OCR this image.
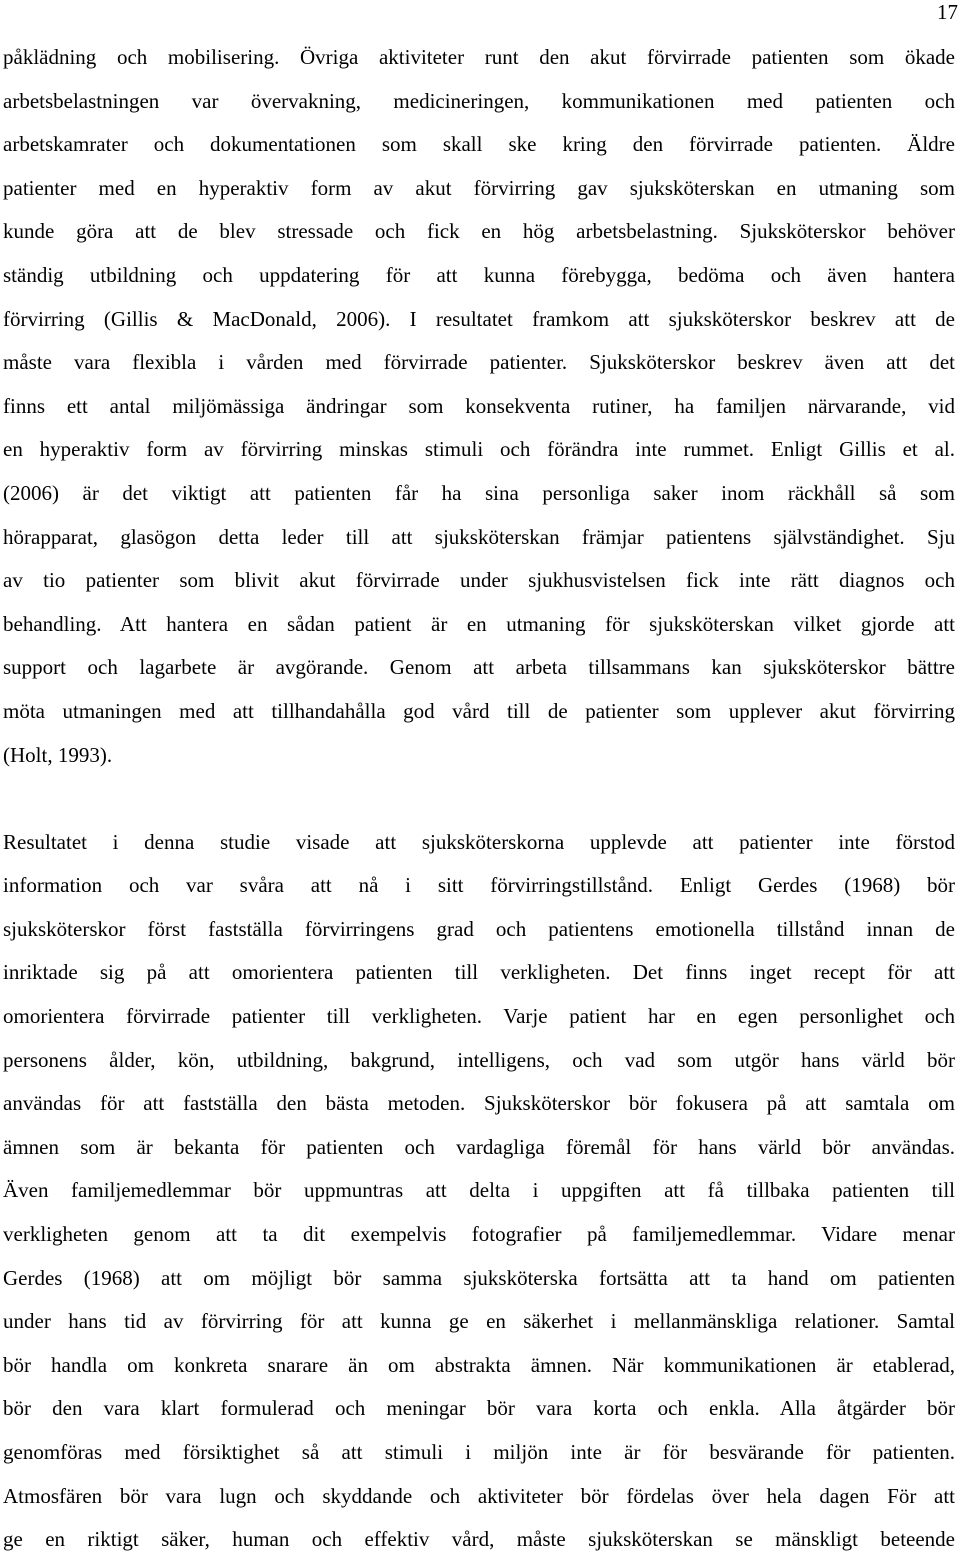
17

påklädning och mobilisering. Övriga aktiviteter runt den akut förvirrade patienten som ökade
arbetsbelastningen var övervakning, medicineringen, kommunikationen med patienten och
arbetskamrater och dokumentationen som skall ske kring den förvirrade patienten. Äldre
patienter med en hyperaktiv form av akut förvirring gav sjuksköterskan en utmaning som
kunde göra att de blev stressade och fick en hög arbetsbelastning. Sjuksköterskor behöver
ständig utbildning och uppdatering för att kunna förebygga, bedöma och även hantera
förvirring (Gillis & MacDonald, 2006). I resultatet framkom att sjuksköterskor beskrev att de
måste vara flexibla i vården med förvirrade patienter. Sjuksköterskor beskrev även att det
finns ett antal miljömässiga ändringar som konsekventa rutiner, ha familjen närvarande, vid
en hyperaktiv form av förvirring minskas stimuli och förändra inte rummet. Enligt Gillis et al.
(2006) är det viktigt att patienten får ha sina personliga saker inom räckhåll så som
hörapparat, glasögon detta leder till att sjuksköterskan främjar patientens självständighet. Sju
av tio patienter som blivit akut förvirrade under sjukhusvistelsen fick inte rätt diagnos och
behandling. Att hantera en sådan patient är en utmaning för sjuksköterskan vilket gjorde att
support och lagarbete är avgörande. Genom att arbeta tillsammans kan sjuksköterskor bättre
möta utmaningen med att tillhandahålla god vård till de patienter som upplever akut förvirring
(Holt, 1993).

Resultatet i denna studie visade att sjuksköterskorna upplevde att patienter inte förstod
information och var svåra att nå i sitt förvirringstillstånd. Enligt Gerdes (1968) bör
sjuksköterskor först fastställa förvirringens grad och patientens emotionella tillstånd innan de
inriktade sig på att omorientera patienten till verkligheten. Det finns inget recept för att
omorientera förvirrade patienter till verkligheten. Varje patient har en egen personlighet och
personens ålder, kön, utbildning, bakgrund, intelligens, och vad som utgör hans värld bör
användas för att fastställa den bästa metoden. Sjuksköterskor bör fokusera på att samtala om
ämnen som är bekanta för patienten och vardagliga föremål för hans värld bör användas.
Även familjemedlemmar bör uppmuntras att delta i uppgiften att få tillbaka patienten till
verkligheten genom att ta dit exempelvis fotografier på familjemedlemmar. Vidare menar
Gerdes (1968) att om möjligt bör samma sjuksköterska fortsätta att ta hand om patienten
under hans tid av förvirring för att kunna ge en säkerhet i mellanmänskliga relationer. Samtal
bör handla om konkreta snarare än om abstrakta ämnen. När kommunikationen är etablerad,
bör den vara klart formulerad och meningar bör vara korta och enkla. Alla åtgärder bör
genomföras med försiktighet så att stimuli i miljön inte är för besvärande för patienten.
Atmosfären bör vara lugn och skyddande och aktiviteter bör fördelas över hela dagen För att
ge en riktigt säker, human och effektiv vård, måste sjuksköterskan se mänskligt beteende
